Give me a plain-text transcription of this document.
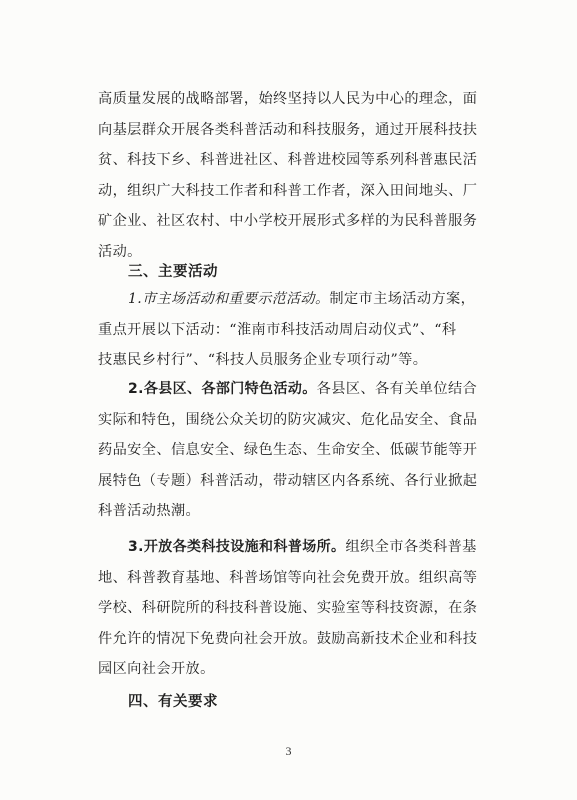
高质量发展的战略部署，始终坚持以人民为中心的理念，面
向基层群众开展各类科普活动和科技服务，通过开展科技扶
贫、科技下乡、科普进社区、科普进校园等系列科普惠民活
动，组织广大科技工作者和科普工作者，深入田间地头、厂
矿企业、社区农村、中小学校开展形式多样的为民科普服务
活动。

三、主要活动

1.市主场活动和重要示范活动。制定市主场活动方案，
重点开展以下活动：“淮南市科技活动周启动仪式”、“科
技惠民乡村行”、“科技人员服务企业专项行动”等。

2.各县区、各部门特色活动。各县区、各有关单位结合
实际和特色，围绕公众关切的防灾减灾、危化品安全、食品
药品安全、信息安全、绿色生态、生命安全、低碳节能等开
展特色（专题）科普活动，带动辖区内各系统、各行业掀起
科普活动热潮。

3.开放各类科技设施和科普场所。组织全市各类科普基
地、科普教育基地、科普场馆等向社会免费开放。组织高等
学校、科研院所的科技科普设施、实验室等科技资源，在条
件允许的情况下免费向社会开放。鼓励高新技术企业和科技
园区向社会开放。

四、有关要求
3
